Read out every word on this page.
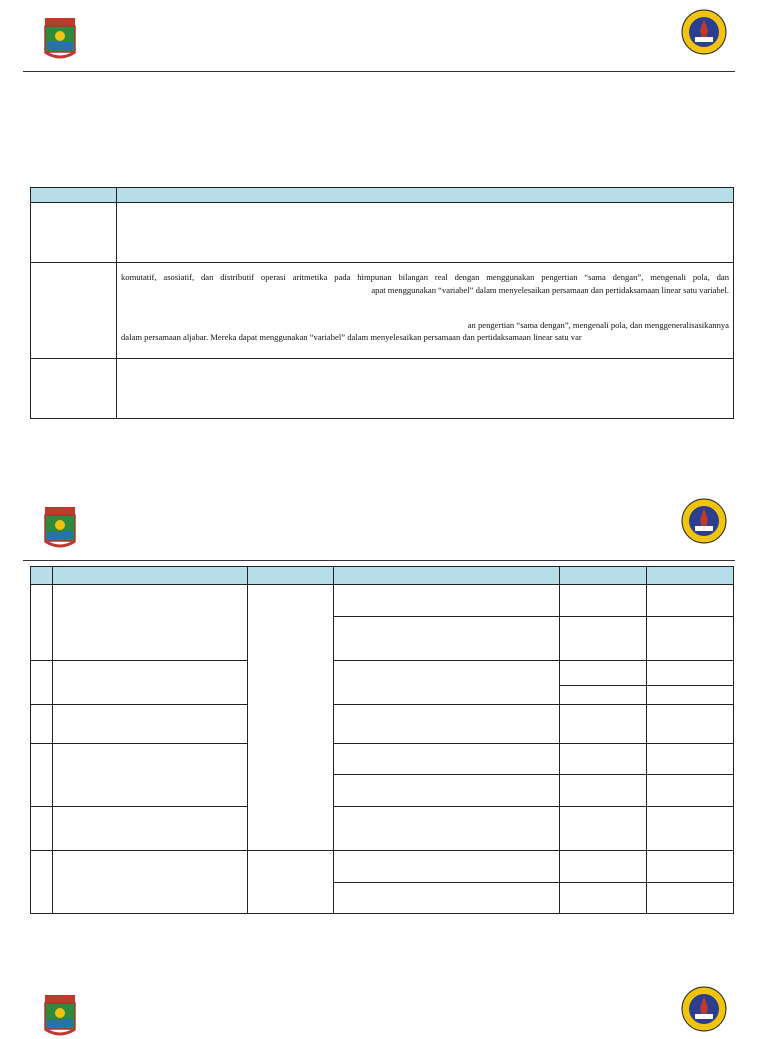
komutatif, asosiatif, dan distributif operasi aritmetika pada himpunan bilangan real dengan menggunakan pengertian “sama dengan”, mengenali pola, dan
apat menggunakan “variabel” dalam menyelesaikan persamaan dan pertidaksamaan linear satu variabel.
an pengertian “sama dengan”, mengenali pola, dan menggeneralisasikannya
dalam persamaan aljabar. Mereka dapat menggunakan “variabel” dalam menyelesaikan persamaan dan pertidaksamaan linear satu var
